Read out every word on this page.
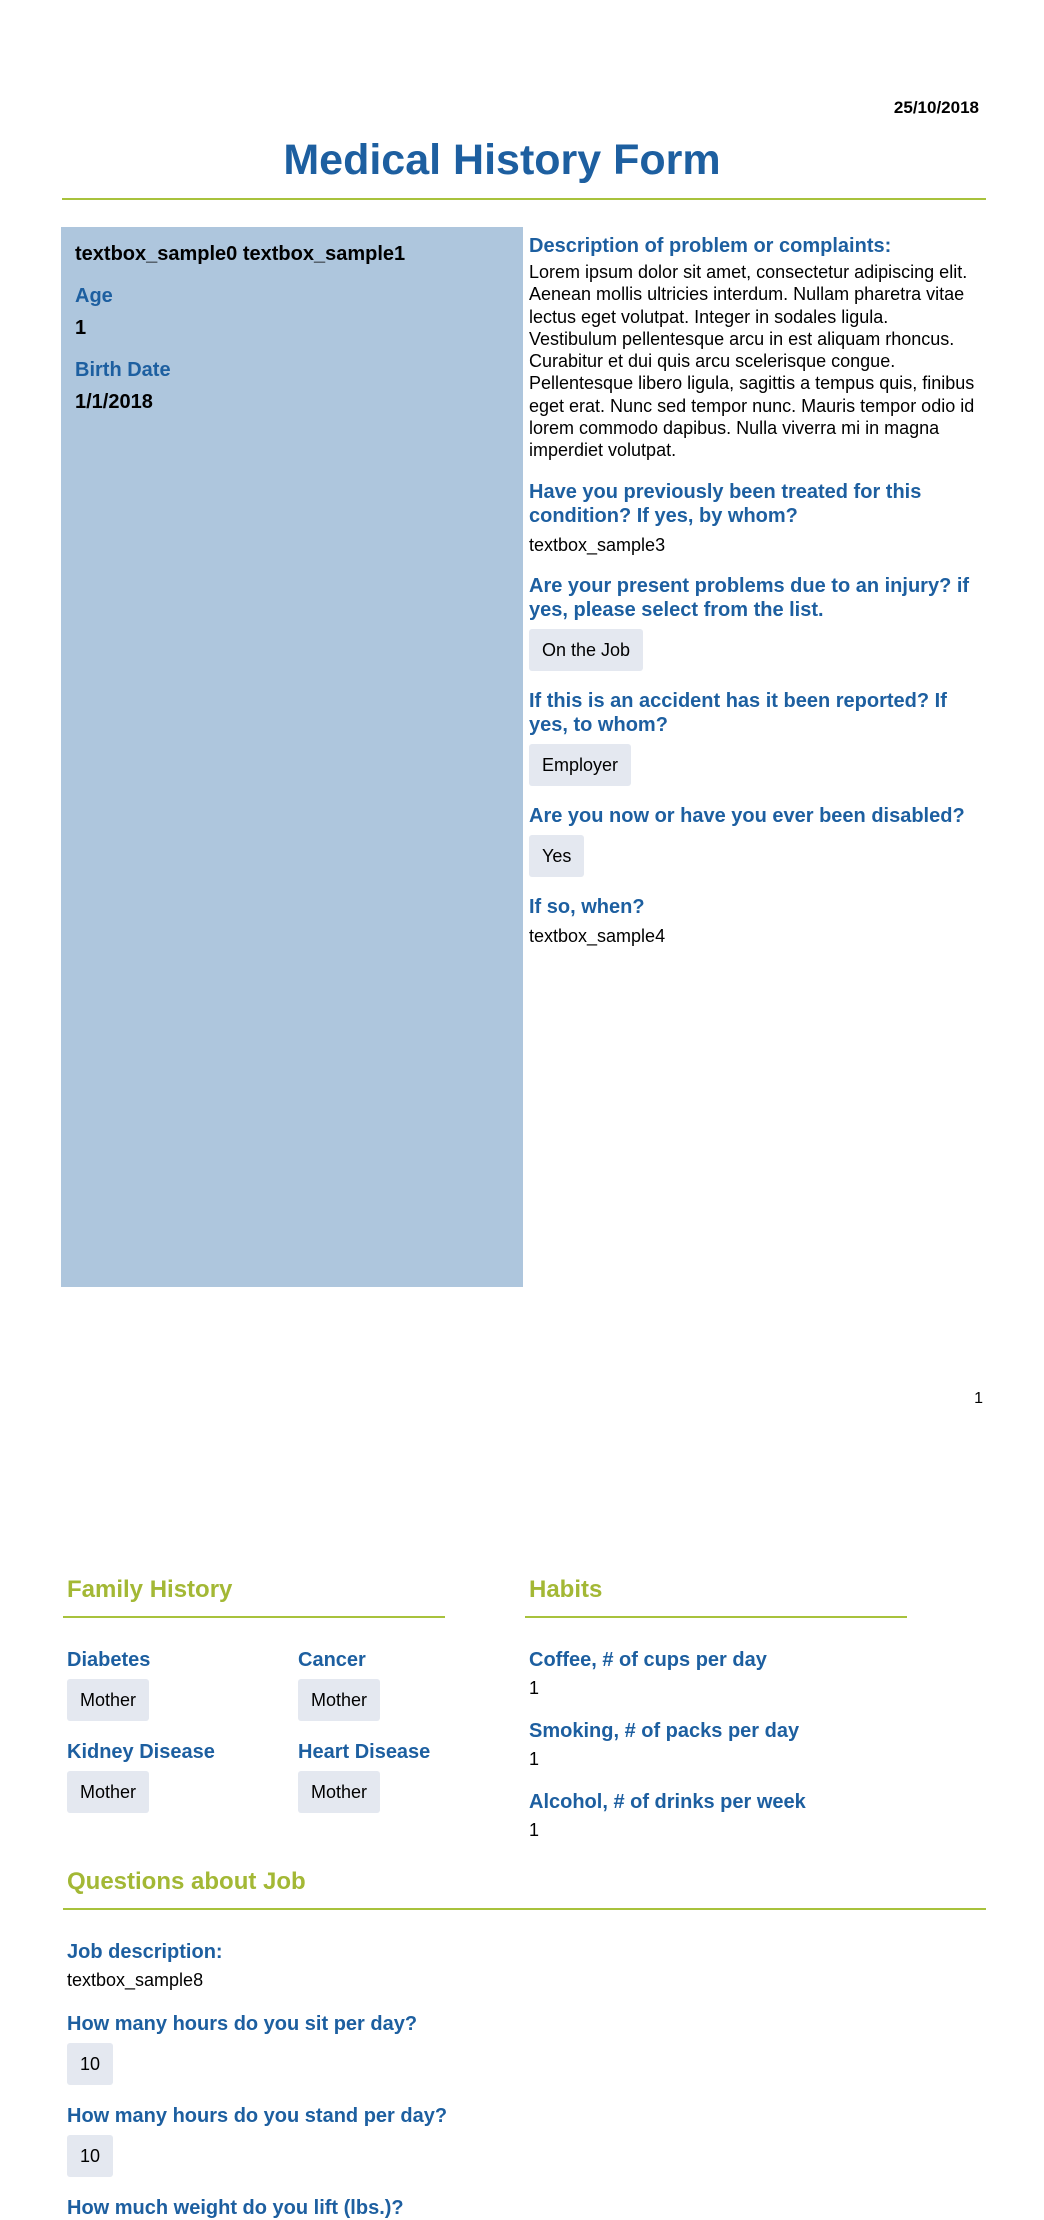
25/10/2018
Medical History Form
textbox_sample0 textbox_sample1
Age
1
Birth Date
1/1/2018

Description of problem or complaints:

Lorem ipsum dolor sit amet, consectetur adipiscing elit. Aenean mollis ultricies interdum. Nullam pharetra vitae lectus eget volutpat. Integer in sodales ligula. Vestibulum pellentesque arcu in est aliquam rhoncus. Curabitur et dui quis arcu scelerisque congue. Pellentesque libero ligula, sagittis a tempus quis, finibus eget erat. Nunc sed tempor nunc. Mauris tempor odio id lorem commodo dapibus. Nulla viverra mi in magna imperdiet volutpat.

Have you previously been treated for this condition? If yes, by whom?

textbox_sample3

Are your present problems due to an injury? if yes, please select from the list.

On the Job

If this is an accident has it been reported? If yes, to whom?

Employer

Are you now or have you ever been disabled?

Yes

If so, when?

textbox_sample4

1
Family History
Diabetes
Mother
Cancer
Mother
Kidney Disease
Mother
Heart Disease
Mother
Habits
Coffee, # of cups per day
1
Smoking, # of packs per day
1
Alcohol, # of drinks per week
1
Questions about Job
Job description:
textbox_sample8
How many hours do you sit per day?
10
How many hours do you stand per day?
10
How much weight do you lift (lbs.)?
